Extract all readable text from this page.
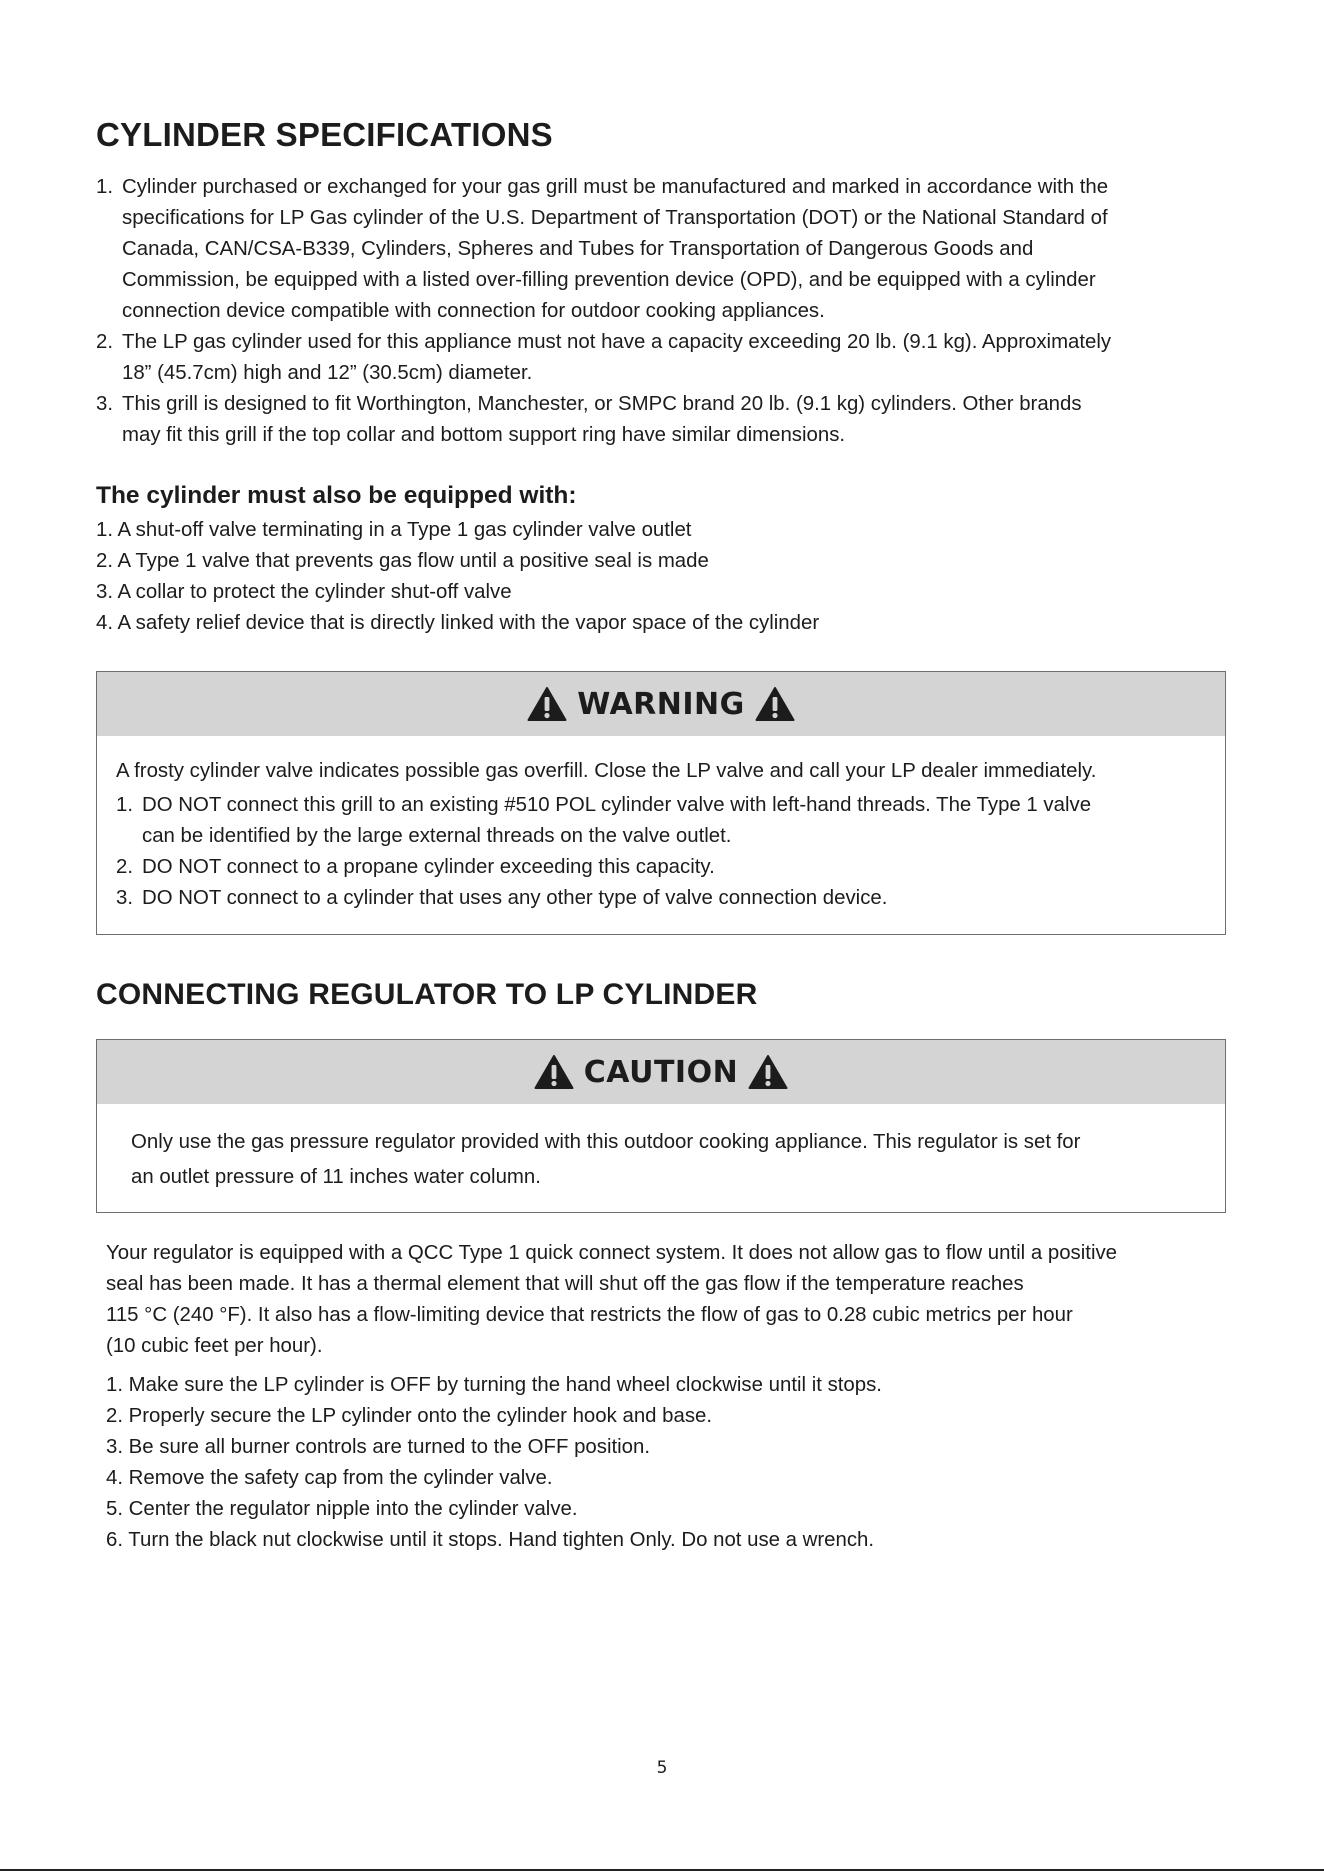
CYLINDER SPECIFICATIONS
1. Cylinder purchased or exchanged for your gas grill must be manufactured and marked in accordance with the
specifications for LP Gas cylinder of the U.S. Department of Transportation (DOT) or the National Standard of
Canada, CAN/CSA-B339, Cylinders, Spheres and Tubes for Transportation of Dangerous Goods and
Commission, be equipped with a listed over-filling prevention device (OPD), and be equipped with a cylinder
connection device compatible with connection for outdoor cooking appliances.
2. The LP gas cylinder used for this appliance must not have a capacity exceeding 20 lb. (9.1 kg). Approximately
18” (45.7cm) high and 12” (30.5cm) diameter.
3. This grill is designed to fit Worthington, Manchester, or SMPC brand 20 lb. (9.1 kg) cylinders. Other brands
may fit this grill if the top collar and bottom support ring have similar dimensions.
The cylinder must also be equipped with:
1. A shut-off valve terminating in a Type 1 gas cylinder valve outlet
2. A Type 1 valve that prevents gas flow until a positive seal is made
3. A collar to protect the cylinder shut-off valve
4. A safety relief device that is directly linked with the vapor space of the cylinder
WARNING

A frosty cylinder valve indicates possible gas overfill. Close the LP valve and call your LP dealer immediately.

1. DO NOT connect this grill to an existing #510 POL cylinder valve with left-hand threads. The Type 1 valve
can be identified by the large external threads on the valve outlet.
2. DO NOT connect to a propane cylinder exceeding this capacity.
3. DO NOT connect to a cylinder that uses any other type of valve connection device.
CONNECTING REGULATOR TO LP CYLINDER
CAUTION
Only use the gas pressure regulator provided with this outdoor cooking appliance. This regulator is set for
an outlet pressure of 11 inches water column.
Your regulator is equipped with a QCC Type 1 quick connect system. It does not allow gas to flow until a positive
seal has been made. It has a thermal element that will shut off the gas flow if the temperature reaches
115 °C (240 °F). It also has a flow-limiting device that restricts the flow of gas to 0.28 cubic metrics per hour
(10 cubic feet per hour).
1. Make sure the LP cylinder is OFF by turning the hand wheel clockwise until it stops.
2. Properly secure the LP cylinder onto the cylinder hook and base.
3. Be sure all burner controls are turned to the OFF position.
4. Remove the safety cap from the cylinder valve.
5. Center the regulator nipple into the cylinder valve.
6. Turn the black nut clockwise until it stops. Hand tighten Only. Do not use a wrench.
5
